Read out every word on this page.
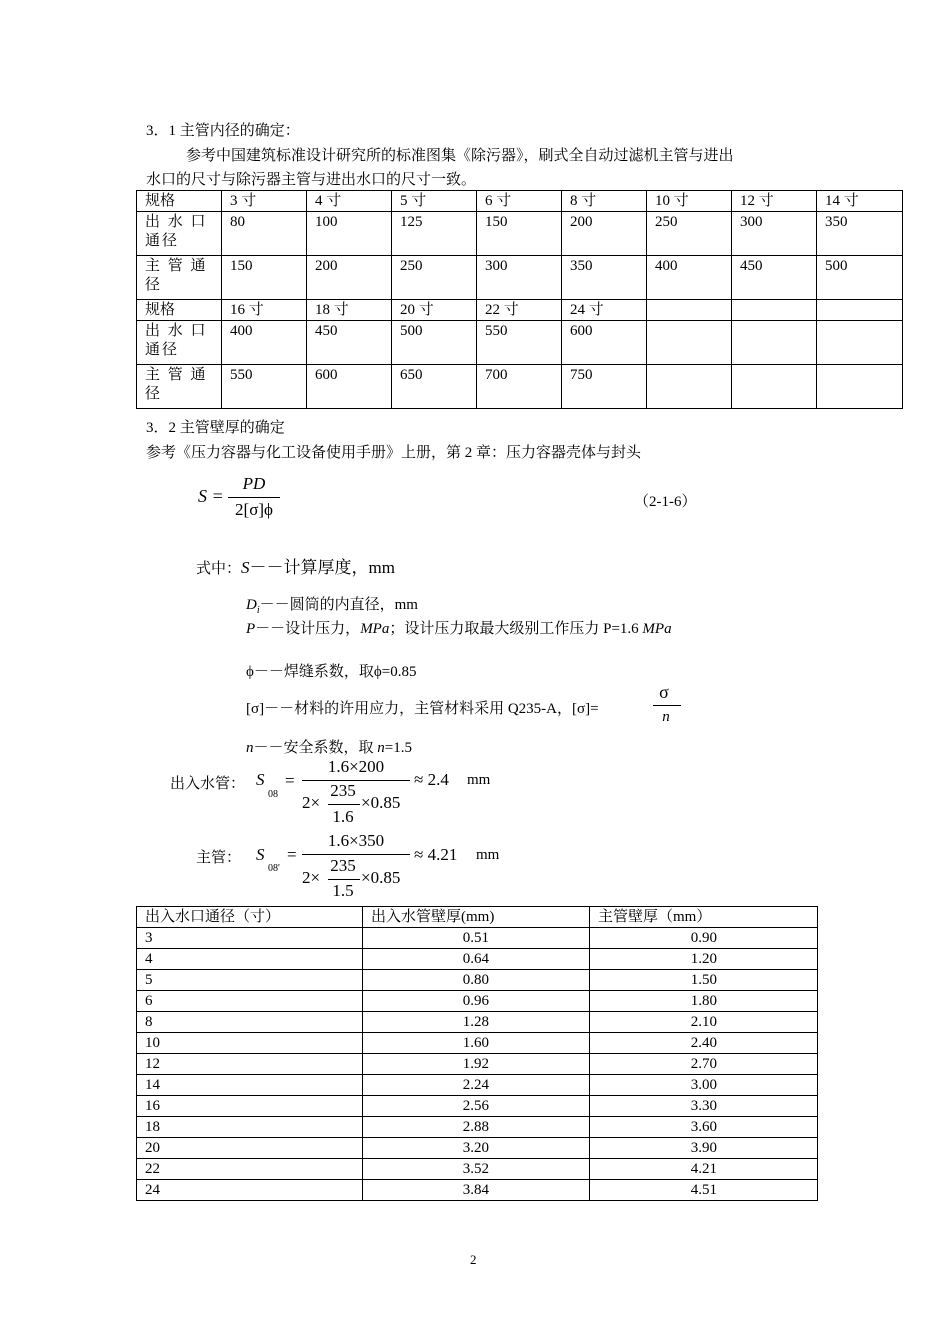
3．1 主管内径的确定：
参考中国建筑标准设计研究所的标准图集《除污器》，刷式全自动过滤机主管与进出
水口的尺寸与除污器主管与进出水口的尺寸一致。
规格	3 寸	4 寸	5 寸	6 寸	8 寸	10 寸	12 寸	14 寸
出 水 口 通径	80	100	125	150	200	250	300	350
主 管 通 径	150	200	250	300	350	400	450	500
规格	16 寸	18 寸	20 寸	22 寸	24 寸			
出 水 口 通径	400	450	500	550	600			
主 管 通 径	550	600	650	700	750			
3．2 主管壁厚的确定
参考《压力容器与化工设备使用手册》上册，第 2 章：压力容器壳体与封头
S =
PD
2[σ]ϕ	（2-1-6）
式中：S－－计算厚度，mm
$D_i--$圆筒的内直径，mm
P－－设计压力，MPa；设计压力取最大级别工作压力 P=1.6 MPa
ϕ－－焊缝系数，取ϕ=0.85
[σ]－－材料的许用应力，主管材料采用 Q235-A，[σ]=
σ
n
n－－安全系数，取 n=1.5
出入水管： S
08
=
1.6×200
2×
235
1.6
×0.85
≈ 2.4 mm
主管： S
08'
=
1.6×350
2×
235
1.5
×0.85
≈ 4.21 mm
出入水口通径（寸）	出入水管壁厚(mm)	主管壁厚（mm）
3	0.51	0.90
4	0.64	1.20
5	0.80	1.50
6	0.96	1.80
8	1.28	2.10
10	1.60	2.40
12	1.92	2.70
14	2.24	3.00
16	2.56	3.30
18	2.88	3.60
20	3.20	3.90
22	3.52	4.21
24	3.84	4.51
2
